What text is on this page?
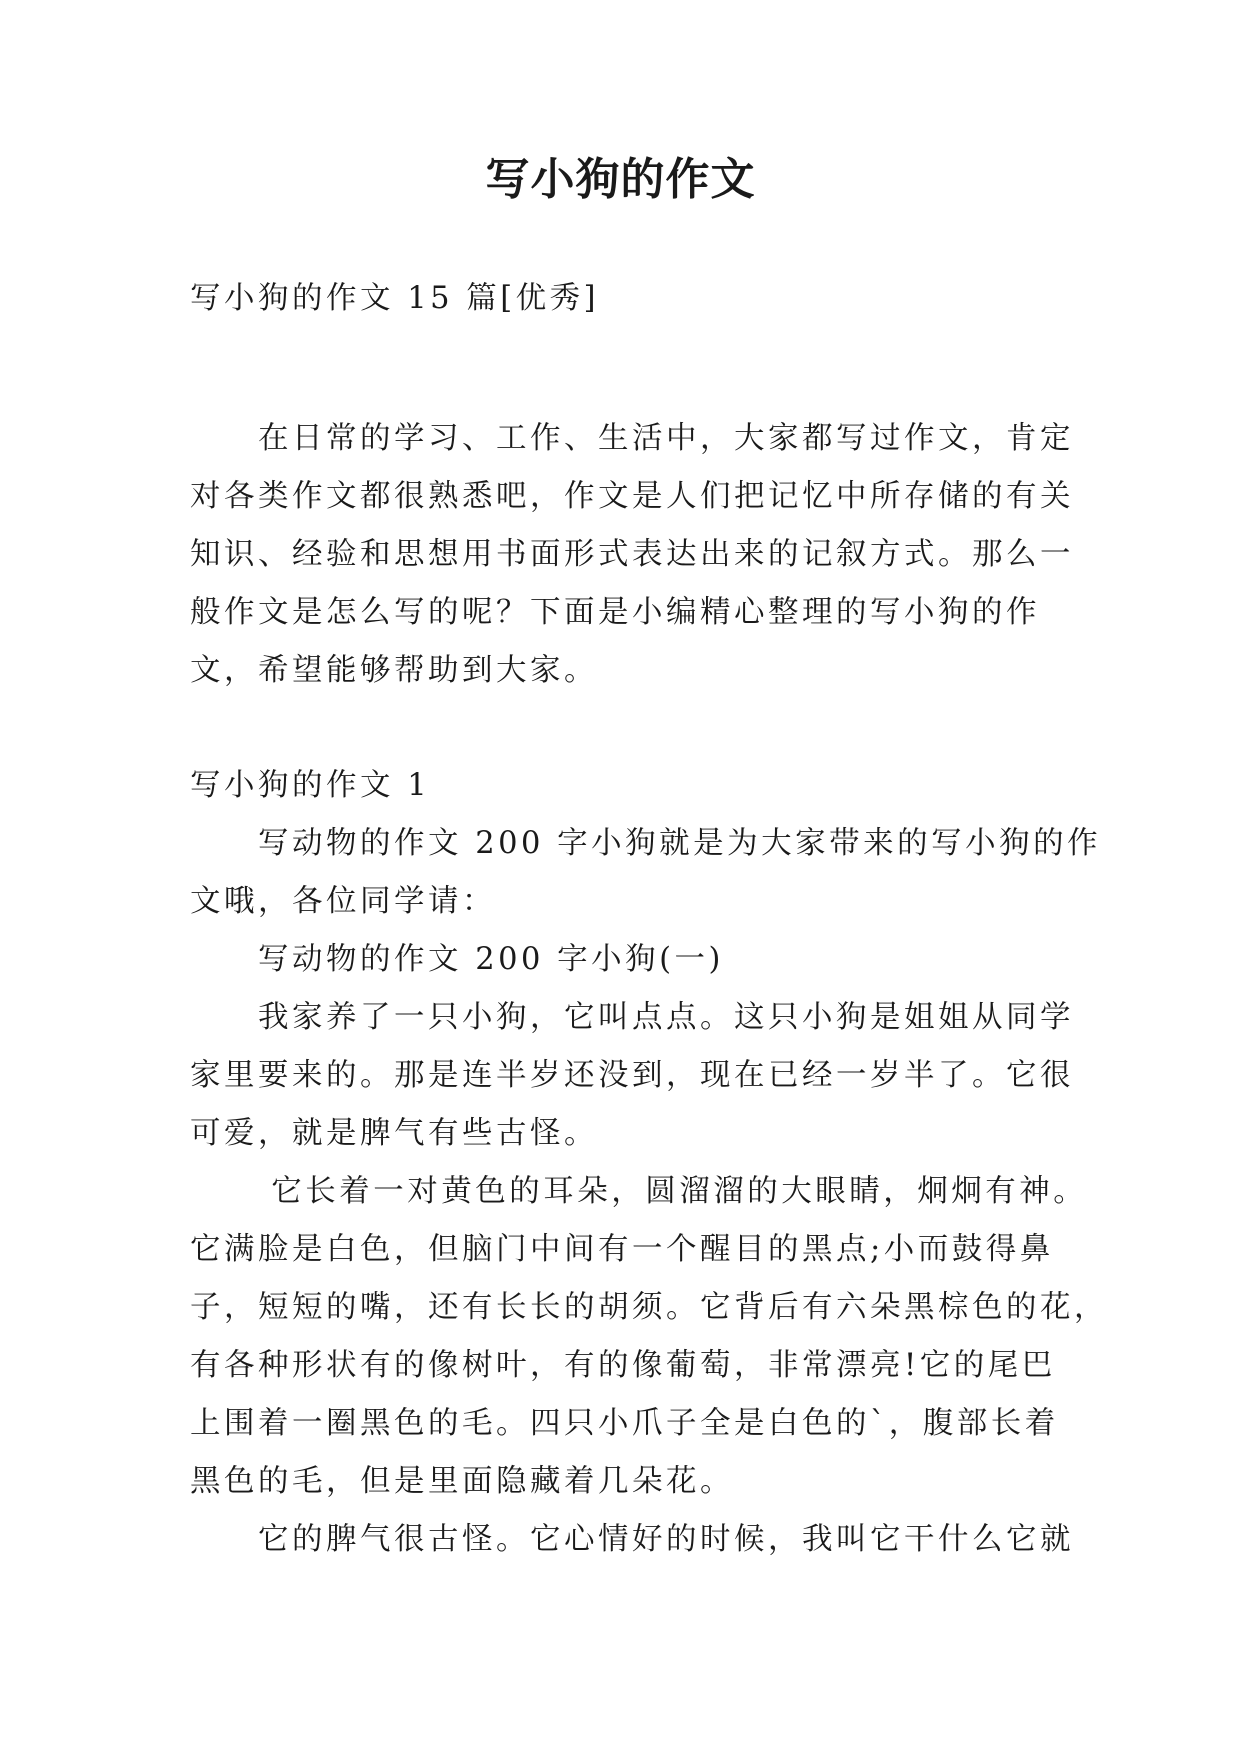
写小狗的作文

写小狗的作文 15 篇[优秀]

　　在日常的学习、工作、生活中，大家都写过作文，肯定
对各类作文都很熟悉吧，作文是人们把记忆中所存储的有关
知识、经验和思想用书面形式表达出来的记叙方式。那么一
般作文是怎么写的呢？下面是小编精心整理的写小狗的作
文，希望能够帮助到大家。

写小狗的作文 1

　　写动物的作文 200 字小狗就是为大家带来的写小狗的作
文哦，各位同学请：
　　写动物的作文 200 字小狗(一)
　　我家养了一只小狗，它叫点点。这只小狗是姐姐从同学
家里要来的。那是连半岁还没到，现在已经一岁半了。它很
可爱，就是脾气有些古怪。
　　 它长着一对黄色的耳朵，圆溜溜的大眼睛，炯炯有神。
它满脸是白色，但脑门中间有一个醒目的黑点;小而鼓得鼻
子，短短的嘴，还有长长的胡须。它背后有六朵黑棕色的花，
有各种形状有的像树叶，有的像葡萄，非常漂亮!它的尾巴
上围着一圈黑色的毛。四只小爪子全是白色的`，腹部长着
黑色的毛，但是里面隐藏着几朵花。
　　它的脾气很古怪。它心情好的时候，我叫它干什么它就
